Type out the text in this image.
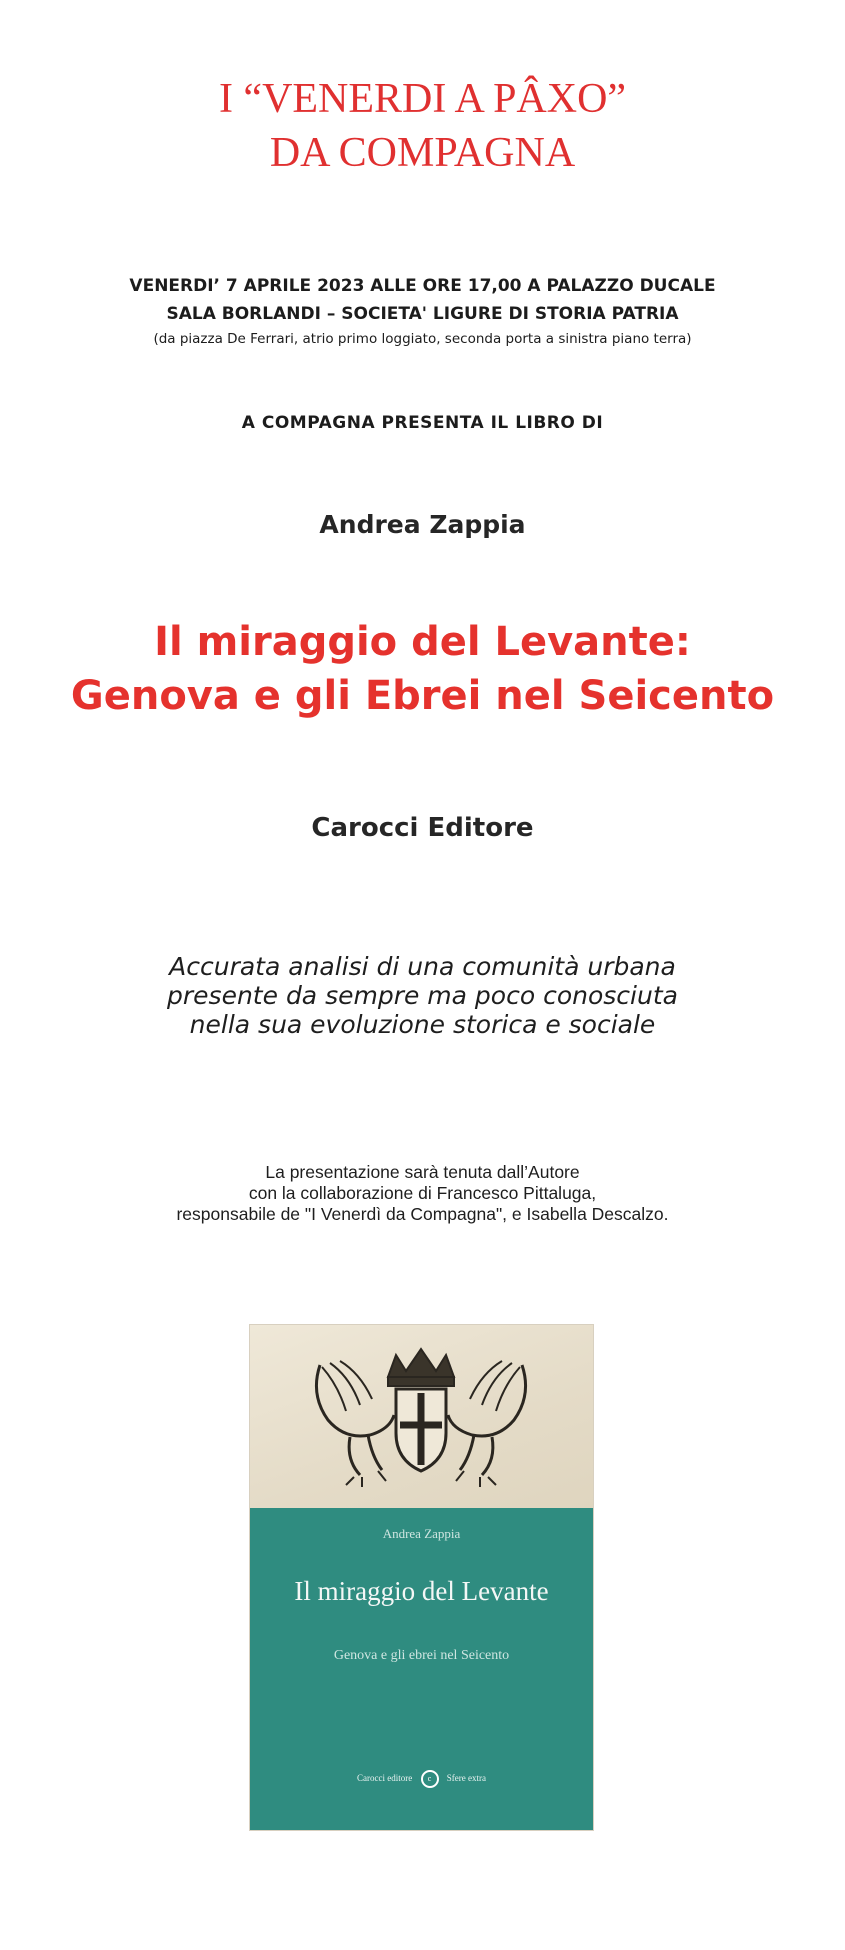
I “VENERDI A PÂXO”
DA COMPAGNA
VENERDI’ 7 APRILE 2023 ALLE ORE 17,00 A PALAZZO DUCALE
SALA BORLANDI – SOCIETA' LIGURE DI STORIA PATRIA
(da piazza De Ferrari, atrio primo loggiato, seconda porta a sinistra piano terra)
A COMPAGNA PRESENTA IL LIBRO DI
Andrea Zappia
Il miraggio del Levante:
Genova e gli Ebrei nel Seicento
Carocci Editore
Accurata analisi di una comunità urbana
presente da sempre ma poco conosciuta
nella sua evoluzione storica e sociale
La presentazione sarà tenuta dall’Autore
con la collaborazione di Francesco Pittaluga,
responsabile de "I Venerdì da Compagna", e Isabella Descalzo.
Andrea Zappia
Il miraggio del Levante
Genova e gli ebrei nel Seicento
Carocci editore c Sfere extra
